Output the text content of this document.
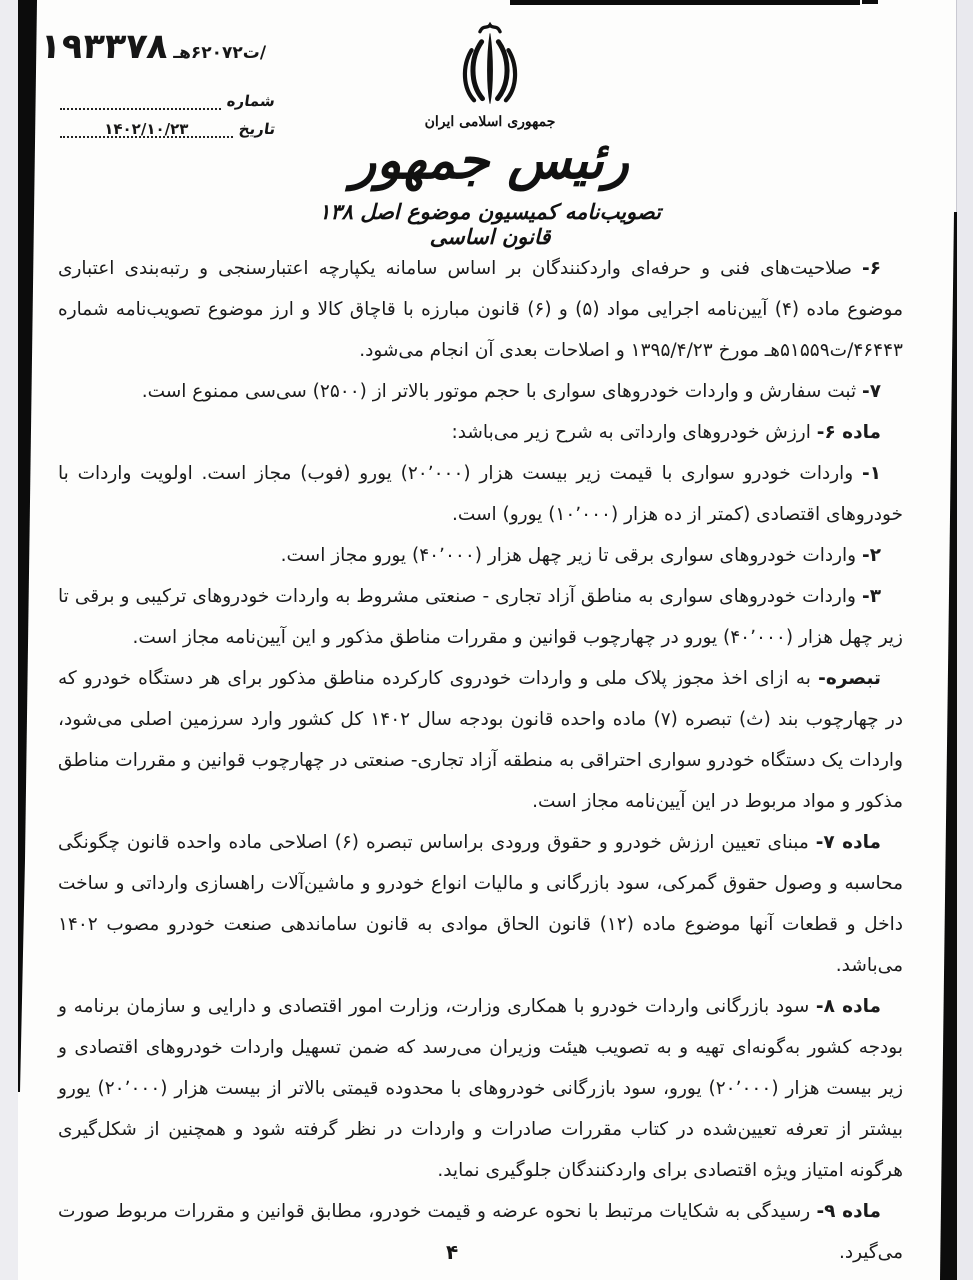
/ت۶۲۰۷۲هـ ۱۹۳۳۷۸
شماره
تاریخ
۱۴۰۲/۱۰/۲۳	جمهوری اسلامی ایران
رئیس جمهور
تصویب‌نامه کمیسیون موضوع اصل ۱۳۸ قانون اساسی

۶- صلاحیت‌های فنی و حرفه‌ای واردکنندگان بر اساس سامانه یکپارچه اعتبارسنجی و رتبه‌بندی اعتباری موضوع ماده (۴) آیین‌نامه اجرایی مواد (۵) و (۶) قانون مبارزه با قاچاق کالا و ارز موضوع تصویب‌نامه شماره ۴۶۴۴۳/ت۵۱۵۵۹هـ مورخ ۱۳۹۵/۴/۲۳ و اصلاحات بعدی آن انجام می‌شود.

۷- ثبت سفارش و واردات خودروهای سواری با حجم موتور بالاتر از (۲۵۰۰) سی‌سی ممنوع است.

ماده ۶- ارزش خودروهای وارداتی به شرح زیر می‌باشد:

۱- واردات خودرو سواری با قیمت زیر بیست هزار (۲۰٬۰۰۰) یورو (فوب) مجاز است. اولویت واردات با خودروهای اقتصادی (کمتر از ده هزار (۱۰٬۰۰۰) یورو) است.

۲- واردات خودروهای سواری برقی تا زیر چهل هزار (۴۰٬۰۰۰) یورو مجاز است.

۳- واردات خودروهای سواری به مناطق آزاد تجاری - صنعتی مشروط به واردات خودروهای ترکیبی و برقی تا زیر چهل هزار (۴۰٬۰۰۰) یورو در چهارچوب قوانین و مقررات مناطق مذکور و این آیین‌نامه مجاز است.

تبصره- به ازای اخذ مجوز پلاک ملی و واردات خودروی کارکرده مناطق مذکور برای هر دستگاه خودرو که در چهارچوب بند (ث) تبصره (۷) ماده واحده قانون بودجه سال ۱۴۰۲ کل کشور وارد سرزمین اصلی می‌شود، واردات یک دستگاه خودرو سواری احتراقی به منطقه آزاد تجاری- صنعتی در چهارچوب قوانین و مقررات مناطق مذکور و مواد مربوط در این آیین‌نامه مجاز است.

ماده ۷- مبنای تعیین ارزش خودرو و حقوق ورودی براساس تبصره (۶) اصلاحی ماده واحده قانون چگونگی محاسبه و وصول حقوق گمرکی، سود بازرگانی و مالیات انواع خودرو و ماشین‌آلات راهسازی وارداتی و ساخت داخل و قطعات آنها موضوع ماده (۱۲) قانون الحاق موادی به قانون ساماندهی صنعت خودرو مصوب ۱۴۰۲ می‌باشد.

ماده ۸- سود بازرگانی واردات خودرو با همکاری وزارت، وزارت امور اقتصادی و دارایی و سازمان برنامه و بودجه کشور به‌گونه‌ای تهیه و به تصویب هیئت وزیران می‌رسد که ضمن تسهیل واردات خودروهای اقتصادی و زیر بیست هزار (۲۰٬۰۰۰) یورو، سود بازرگانی خودروهای با محدوده قیمتی بالاتر از بیست هزار (۲۰٬۰۰۰) یورو بیشتر از تعرفه تعیین‌شده در کتاب مقررات صادرات و واردات در نظر گرفته شود و همچنین از شکل‌گیری هرگونه امتیاز ویژه اقتصادی برای واردکنندگان جلوگیری نماید.

ماده ۹- رسیدگی به شکایات مرتبط با نحوه عرضه و قیمت خودرو، مطابق قوانین و مقررات مربوط صورت می‌گیرد.

۴
